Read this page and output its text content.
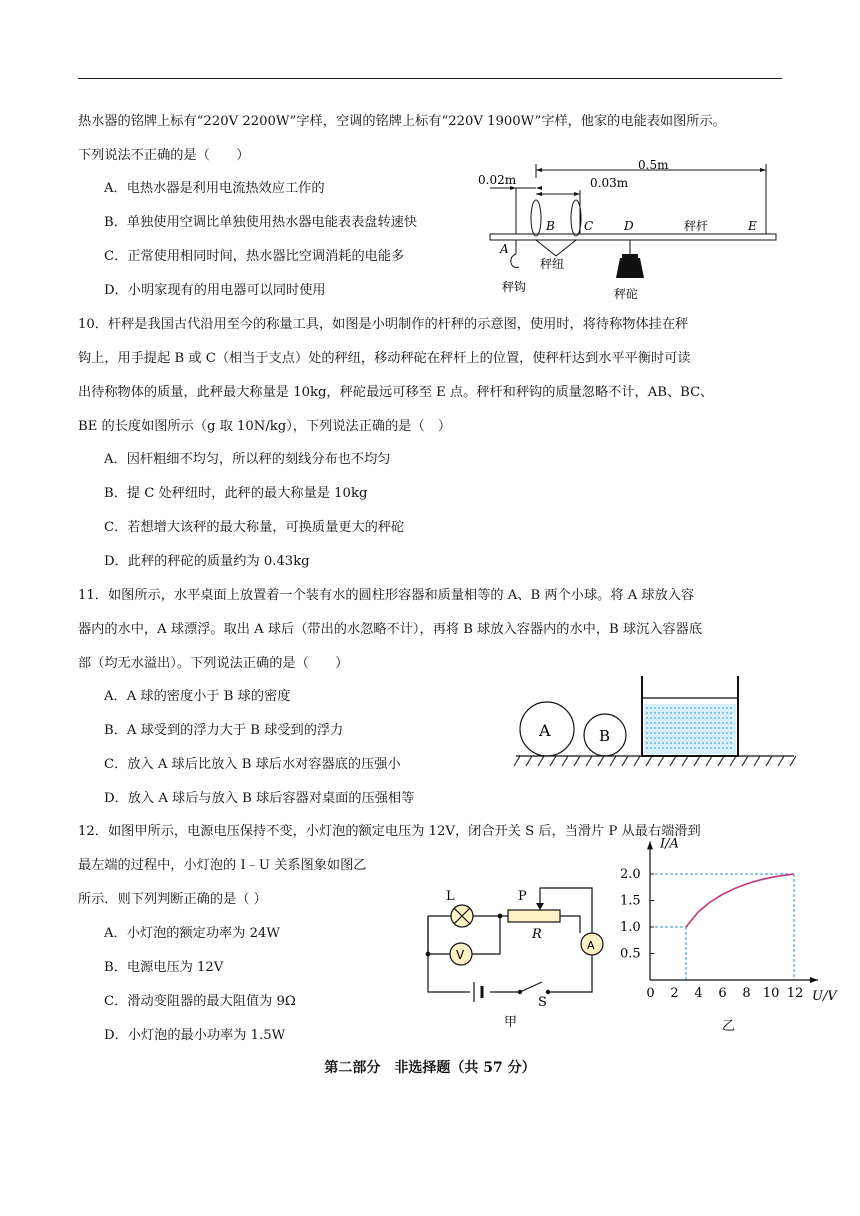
热水器的铭牌上标有“220V 2200W”字样，空调的铭牌上标有“220V 1900W”字样，他家的电能表如图所示。
下列说法不正确的是（　　）
A．电热水器是利用电流热效应工作的
B．单独使用空调比单独使用热水器电能表表盘转速快
C．正常使用相同时间，热水器比空调消耗的电能多
D．小明家现有的用电器可以同时使用
0.5m
0.02m	0.03m
A
B C	D	E
秤杆
秤纽
秤钩	秤砣
10．杆秤是我国古代沿用至今的称量工具，如图是小明制作的杆秤的示意图，使用时，将待称物体挂在秤
钩上，用手提起 B 或 C（相当于支点）处的秤纽，移动秤砣在秤杆上的位置，使秤杆达到水平平衡时可读
出待称物体的质量，此秤最大称量是 10kg，秤砣最远可移至 E 点。秤杆和秤钩的质量忽略不计，AB、BC、
BE 的长度如图所示（g 取 10N/kg），下列说法正确的是（　）
A．因杆粗细不均匀，所以秤的刻线分布也不均匀
B．提 C 处秤纽时，此秤的最大称量是 10kg
C．若想增大该秤的最大称量，可换质量更大的秤砣
D．此秤的秤砣的质量约为 0.43kg
11．如图所示，水平桌面上放置着一个装有水的圆柱形容器和质量相等的 A、B 两个小球。将 A 球放入容
器内的水中，A 球漂浮。取出 A 球后（带出的水忽略不计），再将 B 球放入容器内的水中，B 球沉入容器底
部（均无水溢出）。下列说法正确的是（　　）
A．A 球的密度小于 B 球的密度
B．A 球受到的浮力大于 B 球受到的浮力
C．放入 A 球后比放入 B 球后水对容器底的压强小
D．放入 A 球后与放入 B 球后容器对桌面的压强相等
A	B
12．如图甲所示，电源电压保持不变，小灯泡的额定电压为 12V，闭合开关 S 后，当滑片 P 从最右端滑到
最左端的过程中，小灯泡的 I﹣U 关系图象如图乙
所示．则下列判断正确的是（ ）
A．小灯泡的额定功率为 24W
B．电源电压为 12V
C．滑动变阻器的最大阻值为 9Ω
D．小灯泡的最小功率为 1.5W
L	P
R
V
A
S
甲
U/V
I/A
0 2 4 6 8 10 12
0.5
1.0
1.5
2.0
乙
第二部分　非选择题（共 57 分）
